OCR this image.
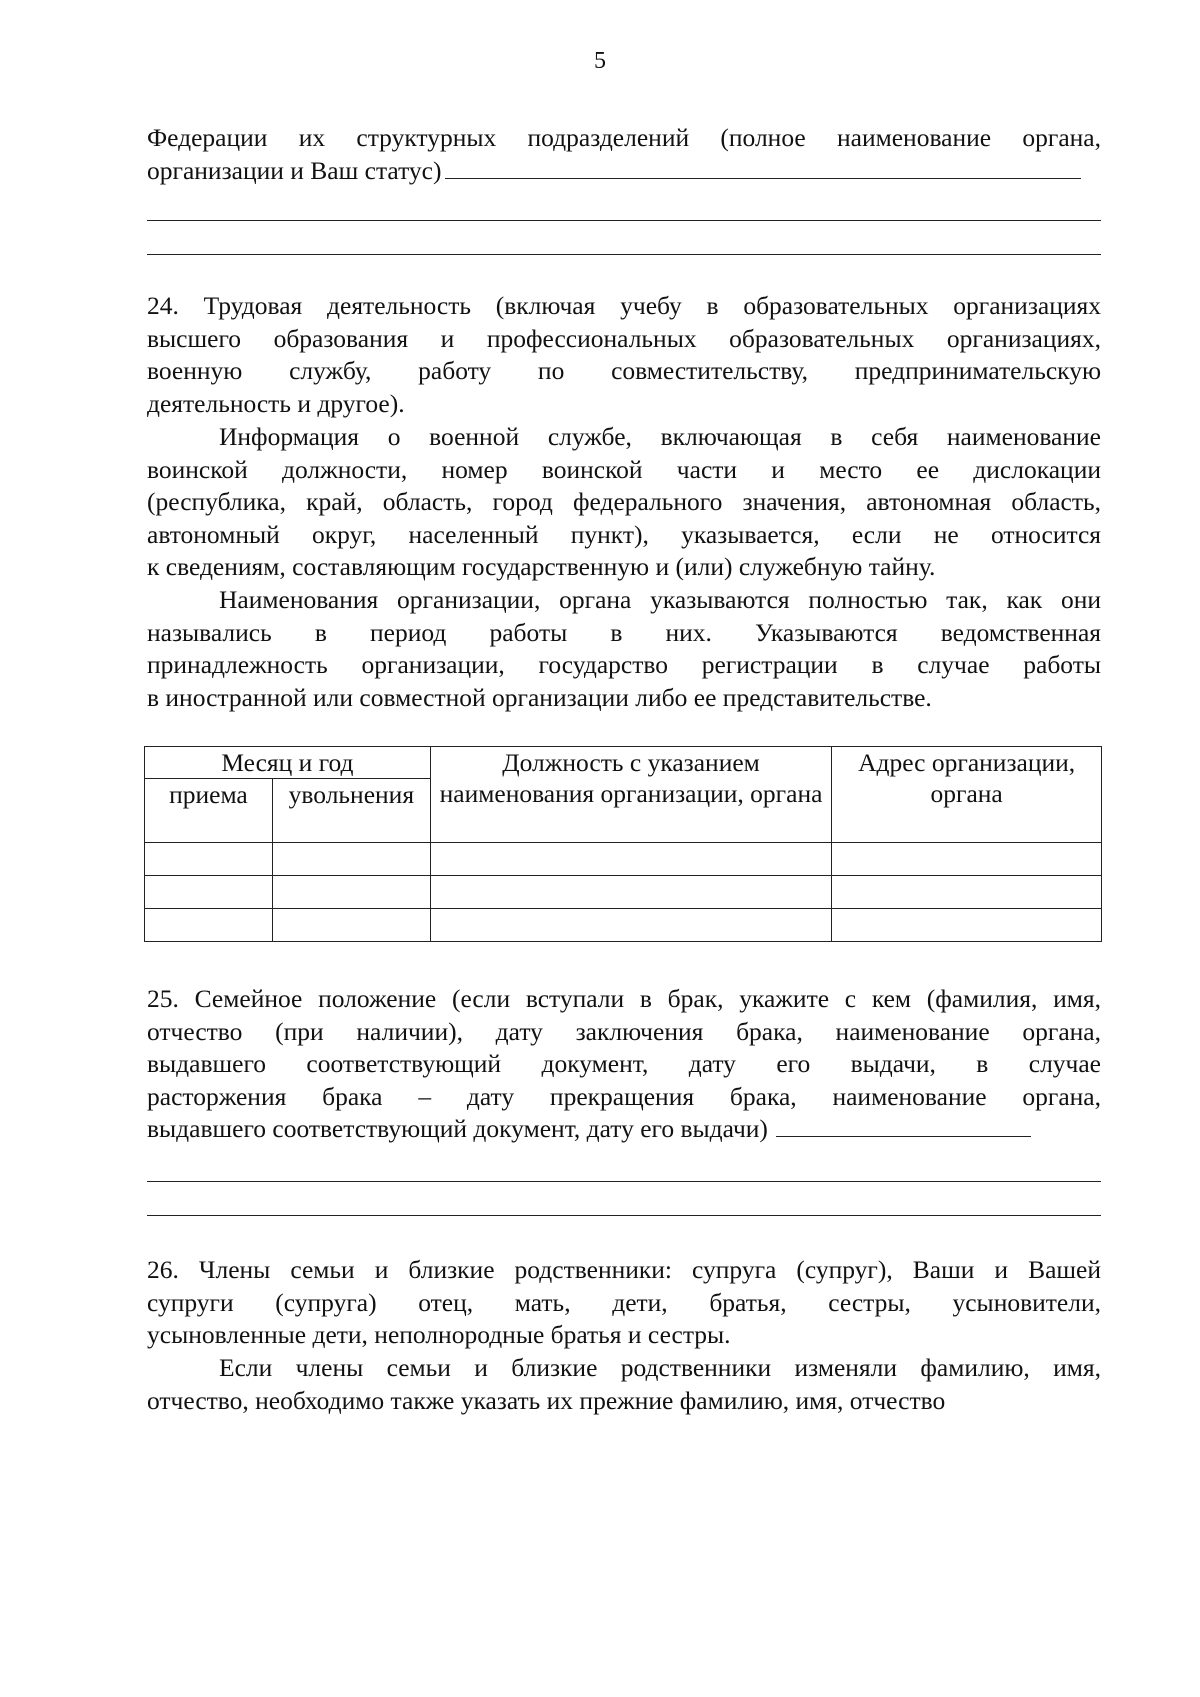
5
Федерации их структурных подразделений (полное наименование органа,
организации и Ваш статус)
24. Трудовая деятельность (включая учебу в образовательных организациях
высшего образования и профессиональных образовательных организациях,
военную службу, работу по совместительству, предпринимательскую
деятельность и другое).
Информация о военной службе, включающая в себя наименование
воинской должности, номер воинской части и место ее дислокации
(республика, край, область, город федерального значения, автономная область,
автономный округ, населенный пункт), указывается, если не относится
к сведениям, составляющим государственную и (или) служебную тайну.
Наименования организации, органа указываются полностью так, как они
назывались в период работы в них. Указываются ведомственная
принадлежность организации, государство регистрации в случае работы
в иностранной или совместной организации либо ее представительстве.
Месяц и год		Должность с указанием наименования организации, органа	Адрес организации, органа
приема	увольнения		

25. Семейное положение (если вступали в брак, укажите с кем (фамилия, имя,
отчество (при наличии), дату заключения брака, наименование органа,
выдавшего соответствующий документ, дату его выдачи, в случае
расторжения брака – дату прекращения брака, наименование органа,
выдавшего соответствующий документ, дату его выдачи)
26. Члены семьи и близкие родственники: супруга (супруг), Ваши и Вашей
супруги (супруга) отец, мать, дети, братья, сестры, усыновители,
усыновленные дети, неполнородные братья и сестры.
Если члены семьи и близкие родственники изменяли фамилию, имя,
отчество, необходимо также указать их прежние фамилию, имя, отчество
